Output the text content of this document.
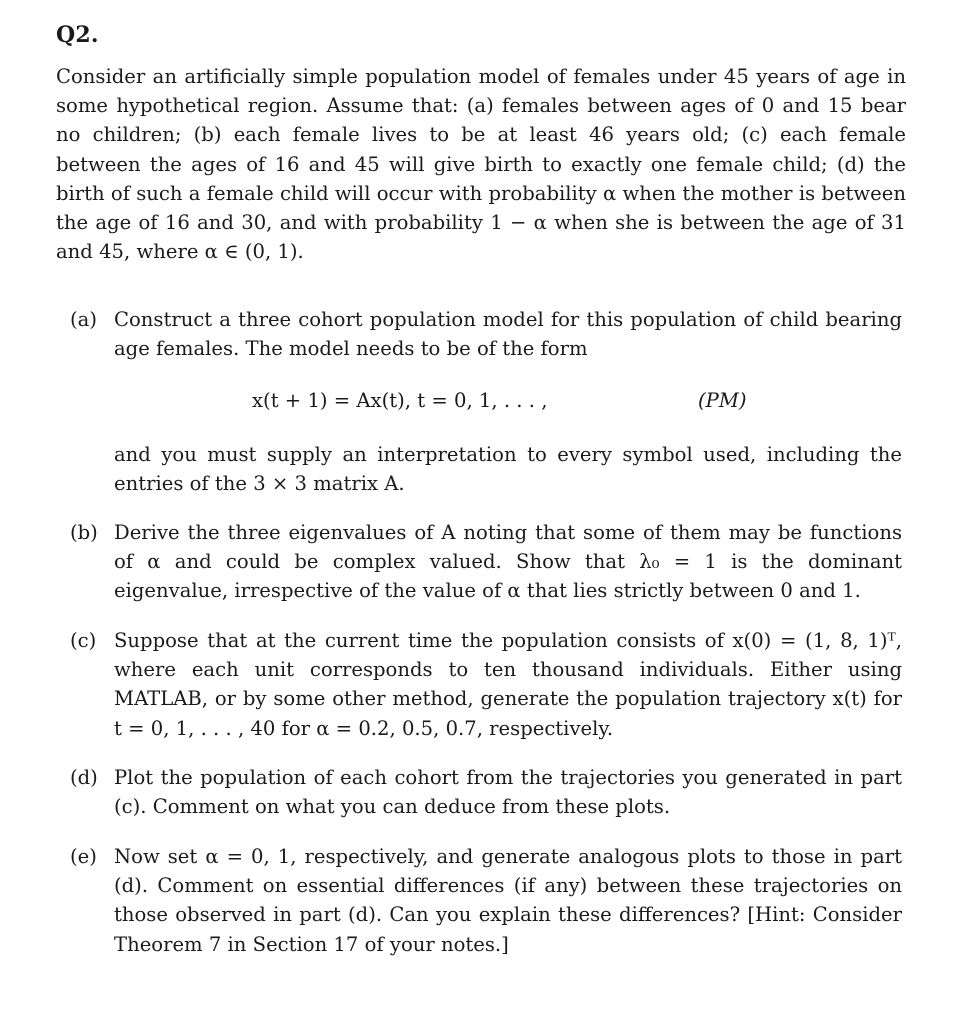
Q2.
Consider an artificially simple population model of females under 45 years of age in some hypothetical region. Assume that: (a) females between ages of 0 and 15 bear no children; (b) each female lives to be at least 46 years old; (c) each female between the ages of 16 and 45 will give birth to exactly one female child; (d) the birth of such a female child will occur with probability α when the mother is between the age of 16 and 30, and with probability 1 − α when she is between the age of 31 and 45, where α ∈ (0, 1).
(a) Construct a three cohort population model for this population of child bearing age females. The model needs to be of the form
x(t + 1) = Ax(t), t = 0, 1, . . . ,	(PM)
and you must supply an interpretation to every symbol used, including the entries of the 3 × 3 matrix A.
(b) Derive the three eigenvalues of A noting that some of them may be functions of α and could be complex valued. Show that λ₀ = 1 is the dominant eigenvalue, irrespective of the value of α that lies strictly between 0 and 1.
(c) Suppose that at the current time the population consists of x(0) = (1, 8, 1)ᵀ, where each unit corresponds to ten thousand individuals. Either using MATLAB, or by some other method, generate the population trajectory x(t) for t = 0, 1, . . . , 40 for α = 0.2, 0.5, 0.7, respectively.
(d) Plot the population of each cohort from the trajectories you generated in part (c). Comment on what you can deduce from these plots.
(e) Now set α = 0, 1, respectively, and generate analogous plots to those in part (d). Comment on essential differences (if any) between these trajectories on those observed in part (d). Can you explain these differences? [Hint: Consider Theorem 7 in Section 17 of your notes.]
